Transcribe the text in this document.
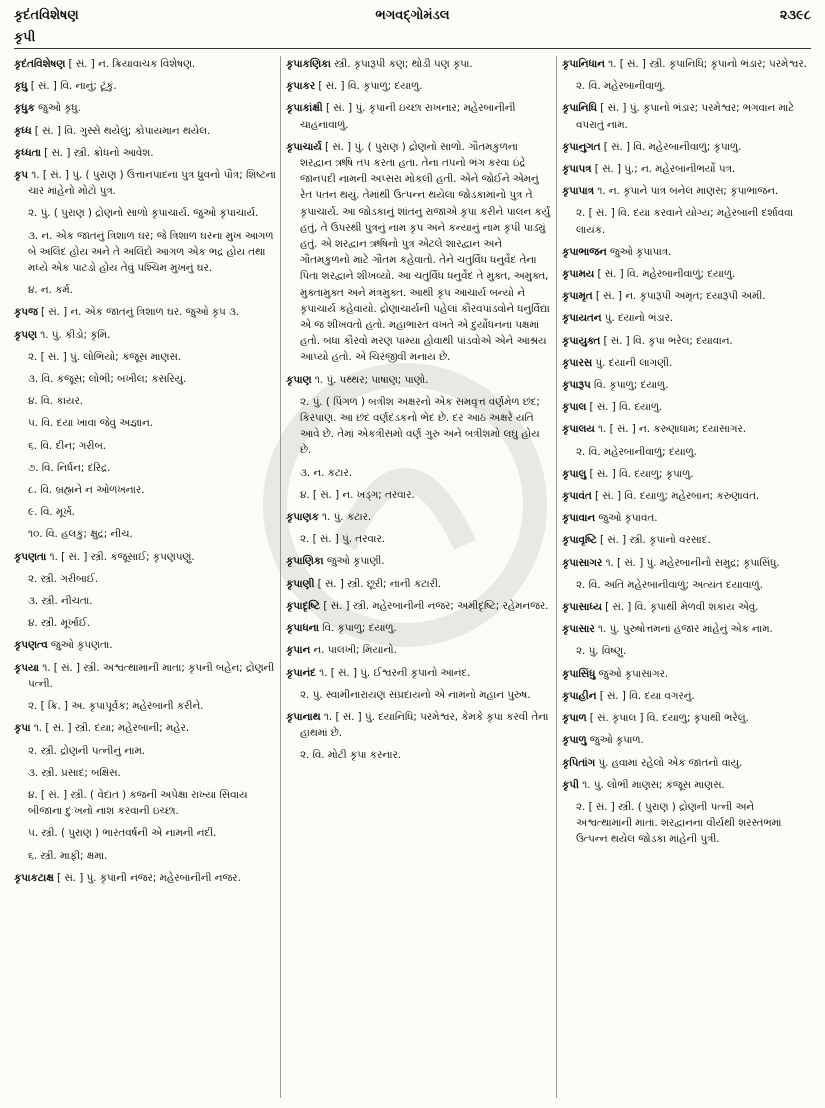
કૃદંતવિશેષણ	ભગવદ્ગોમંડલ	૨૩૯૮
કૃપી
કૃદંતવિશેષણ [ સં. ] ન. ક્રિયાવાચક વિશેષણ.
કૃધુ [ સં. ] વિ. નાનું; ટૂંકું.
કૃધુક જુઓ કૃધુ.
કૃધ્ધ [ સં. ] વિ. ગુસ્સે થયેલું; કોપાયમાન થયેલ.
કૃધ્ધતા [ સં. ] સ્ત્રી. ક્રોધનો આવેશ.
કૃપ ૧. [ સં. ] પું. ( પુરાણ ) ઉત્તાનપાદના પુત્ર ધ્રુવનો પૌત્ર; શિષ્ટના ચાર માંહેનો મોટો પુત્ર.
૨. પું. ( પુરાણ ) દ્રોણનો સાળો કૃપાચાર્ય. જુઓ કૃપાચાર્ય.
૩. ન. એક જાતનું ત્રિશાળ ઘર; જે ત્રિશાળ ઘરના મુખ આગળ બે અલિંદ હોય અને તે અલિંદો આગળ એક ભદ્ર હોય તથા મધ્યે એક પાટડો હોય તેવું પશ્ચિમ મુખનું ઘર.
૪. ન. કર્મ.
કૃપજ [ સં. ] ન. એક જાતનું ત્રિશાળ ઘર. જુઓ કૃપ ૩.
કૃપણ ૧. પું. કીડો; કૃમિ.
૨. [ સં. ] પું. લોભિયો; કંજૂસ માણસ.
૩. વિ. કંજૂસ; લોભી; બખીલ; કસરિયું.
૪. વિ. કાયર.
૫. વિ. દયા ખાવા જેવું અજ્ઞાન.
૬. વિ. દીન; ગરીબ.
૭. વિ. નિર્ધન; દરિદ્ર.
૮. વિ. બ્રહ્મને ન ઓળખનાર.
૯. વિ. મૂર્ખ.
૧૦. વિ. હલકું; ક્ષુદ્ર; નીચ.
કૃપણતા ૧. [ સં. ] સ્ત્રી. કંજૂસાઈ; કૃપણપણું.
૨. સ્ત્રી. ગરીબાઈ.
૩. સ્ત્રી. નીચતા.
૪. સ્ત્રી. મૂર્ખાઈ.
કૃપણત્વ જુઓ કૃપણતા.
કૃપયા ૧. [ સં. ] સ્ત્રી. અશ્વત્થામાની માતા; કૃપની બહેન; દ્રોણની પત્ની.
૨. [ ક્રિ. ] અ. કૃપાપૂર્વક; મહેરબાની કરીને.
કૃપા ૧. [ સં. ] સ્ત્રી. દયા; મહેરબાની; મહેર.
૨. સ્ત્રી. દ્રોણની પત્નીનું નામ.
૩. સ્ત્રી. પ્રસાદ; બક્ષિસ.
૪. [ સં. ] સ્ત્રી. ( વેદાંત ) કજની અપેક્ષા રાખ્યા સિવાય બીજાના દુઃખનો નાશ કરવાની ઇચ્છા.
૫. સ્ત્રી. ( પુરાણ ) ભારતવર્ષની એ નામની નદી.
૬. સ્ત્રી. માફી; ક્ષમા.
કૃપાકટાક્ષ [ સં. ] પું. કૃપાની નજર; મહેરબાનીની નજર.
કૃપાકણિકા સ્ત્રી. કૃપારૂપી કણ; થોડી પણ કૃપા.
કૃપાકર [ સં. ] વિ. કૃપાળુ; દયાળુ.
કૃપાકાંક્ષી [ સં. ] પું. કૃપાની ઇચ્છા રાખનાર; મહેરબાનીની ચાહનાવાળું.
કૃપાચાર્ય [ સં. ] પું. ( પુરાણ ) દ્રોણનો સાળો. ગૌતમકુળના શરદ્વાન ઋષિ તપ કરતા હતા. તેના તપનો ભંગ કરવા ઇંદ્રે જાનપદી નામની અપ્સરા મોકલી હતી. એને જોઈને એમનું રેત પતન થયું. તેમાંથી ઉત્પન્ન થયેલા જોડકામાંનો પુત્ર તે કૃપાચાર્ય. આ જોડકાનું શાંતનુ રાજાએ કૃપા કરીને પાલન કર્યું હતું, તે ઉપરથી પુત્રનું નામ કૃપ અને કન્યાનું નામ કૃપી પાડ્યું હતું. એ શરદ્વાન ઋષિનો પુત્ર એટલે શારદ્વાન અને ગૌતમકુળનો માટે ગૌતમ કહેવાતો. તેને ચતુર્વિધ ધનુર્વેદ તેના પિતા શરદ્વાને શીખવ્યો. આ ચતુર્વિધ ધનુર્વેદ તે મુક્ત, અમુક્ત, મુક્તામુક્ત અને મંત્રમુક્ત. આથી કૃપ આચાર્ય બન્યો ને કૃપાચાર્ય કહેવાયો. દ્રોણાચાર્યની પહેલાં કૌરવપાંડવોને ધનુર્વિદ્યા એ જ શીખવતો હતો. મહાભારત વખતે એ દુર્યોધનના પક્ષમાં હતો. બધા કૌરવો મરણ પામ્યા હોવાથી પાંડવોએ એને આશ્રય આપ્યો હતો. એ ચિરંજીવી મનાય છે.
કૃપાણ ૧. પું. પથ્થર; પાષાણ; પાણો.
૨. પું. ( પિંગળ ) બત્રીશ અક્ષરનો એક સમવૃત્ત વર્ણમેળ છંદ; કિરપાણ. આ છંદ વર્ણદંડકનો ભેદ છે. દર આઠ અક્ષરે યતિ આવે છે. તેમાં એકત્રીસમો વર્ણ ગુરુ અને બત્રીશમો લઘુ હોય છે.
૩. ન. કટાર.
૪. [ સં. ] ન. ખડ્ગ; તરવાર.
કૃપાણક ૧. પું. કટાર.
૨. [ સં. ] પું. તરવાર.
કૃપાણિકા જુઓ કૃપાણી.
કૃપાણી [ સં. ] સ્ત્રી. છૂરી; નાની કટારી.
કૃપાદૃષ્ટિ [ સં. ] સ્ત્રી. મહેરબાનીની નજર; અમીદૃષ્ટિ; રહેમનજર.
કૃપાધના વિ. કૃપાળુ; દયાળુ.
કૃપાન ન. પાલખી; મિયાનો.
કૃપાનંદ ૧. [ સં. ] પું. ઈશ્વરની કૃપાનો આનંદ.
૨. પું. સ્વામીનારાયણ સંપ્રદાયનો એ નામનો મહાન પુરુષ.
કૃપાનાથ ૧. [ સં. ] પું. દયાનિધિ; પરમેશ્વર, કેમકે કૃપા કરવી તેના હાથમાં છે.
૨. વિ. મોટી કૃપા કરનાર.
કૃપાનિધાન ૧. [ સં. ] સ્ત્રી. કૃપાનિધિ; કૃપાનો ભંડાર; પરમેશ્વર.
૨. વિ. મહેરબાનીવાળું.
કૃપાનિધિ [ સં. ] પું. કૃપાનો ભંડાર; પરમેશ્વર; ભગવાન માટે વપરાતું નામ.
કૃપાનુગત [ સં. ] વિ. મહેરબાનીવાળું; કૃપાળુ.
કૃપાપત્ર [ સં. ] પું.; ન. મહેરબાનીભર્યો પત્ર.
કૃપાપાત્ર ૧. ન. કૃપાને પાત્ર બનેલ માણસ; કૃપાભાજન.
૨. [ સં. ] વિ. દયા કરવાને યોગ્ય; મહેરબાની દર્શાવવા લાયક.
કૃપાભાજન જુઓ કૃપાપાત્ર.
કૃપામય [ સં. ] વિ. મહેરબાનીવાળું; દયાળુ.
કૃપામૃત [ સં. ] ન. કૃપારૂપી અમૃત; દયારૂપી અમી.
કૃપાયતન પું. દયાનો ભંડાર.
કૃપાયુક્ત [ સં. ] વિ. કૃપા ભરેલ; દયાવાન.
કૃપારસ પું. દયાની લાગણી.
કૃપારૂપ વિ. કૃપાળુ; દયાળુ.
કૃપાલ [ સં. ] વિ. દયાળુ.
કૃપાલય ૧. [ સં. ] ન. કરુણાધામ; દયાસાગર.
૨. વિ. મહેરબાનીવાળું; દયાળુ.
કૃપાલુ [ સં. ] વિ. દયાળુ; કૃપાળુ.
કૃપાવંત [ સં. ] વિ. દયાળુ; મહેરબાન; કરુણાવંત.
કૃપાવાન જુઓ કૃપાવંત.
કૃપાવૃષ્ટિ [ સં. ] સ્ત્રી. કૃપાનો વરસાદ.
કૃપાસાગર ૧. [ સં. ] પું. મહેરબાનીનો સમુદ્ર; કૃપાસિંધુ.
૨. વિ. અતિ મહેરબાનીવાળું; અત્યંત દયાવાળું.
કૃપાસાધ્ય [ સં. ] વિ. કૃપાથી મેળવી શકાય એવું.
કૃપાસાર ૧. પું. પુરુષોત્તમનાં હજાર માંહેનું એક નામ.
૨. પું. વિષ્ણુ.
કૃપાસિંધુ જુઓ કૃપાસાગર.
કૃપાહીન [ સં. ] વિ. દયા વગરનું.
કૃપાળ [ સં. કૃપાલ ] વિ. દયાળુ; કૃપાથી ભરેલું.
કૃપાળુ જુઓ કૃપાળ.
કૃપિતાંગ પું. હવામાં રહેલો એક જાતનો વાયુ.
કૃપી ૧. પું. લોભી માણસ; કંજૂસ માણસ.
૨. [ સં. ] સ્ત્રી. ( પુરાણ ) દ્રોણની પત્ની અને અશ્વત્થામાની માતા. શરદ્વાનના વીર્યથી શરસ્તંભમાં ઉત્પન્ન થયેલ જોડકા માંહેની પુત્રી.
